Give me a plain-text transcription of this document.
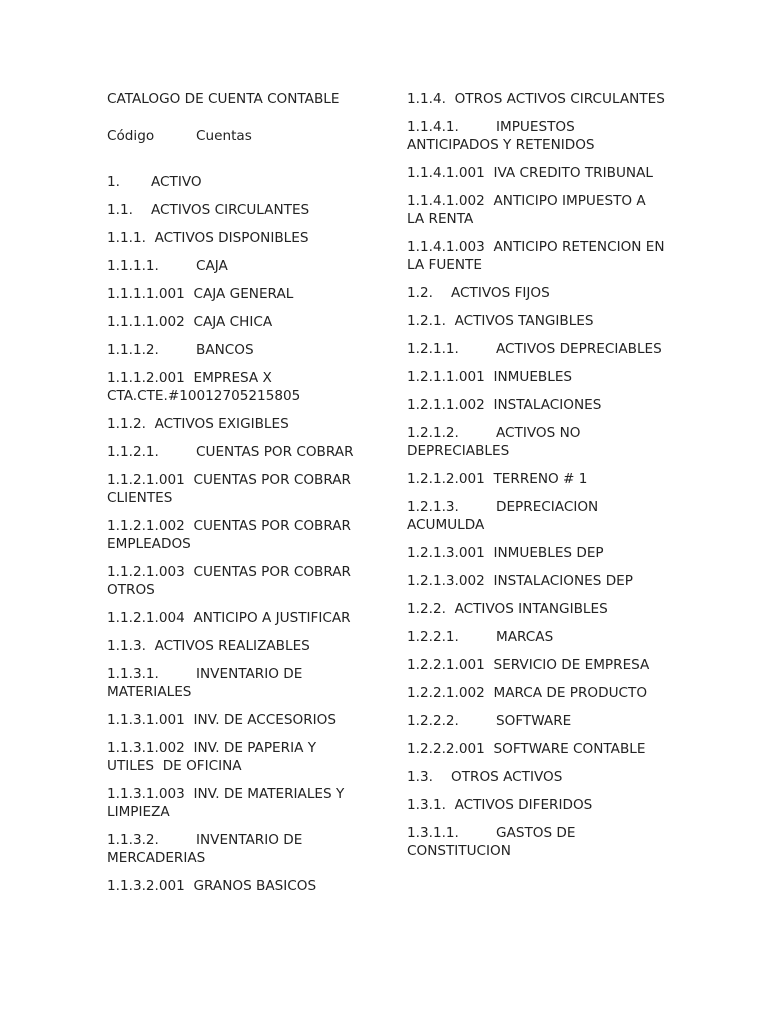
CATALOGO DE CUENTA CONTABLE
Código	Cuentas
1. ACTIVO
1.1. ACTIVOS CIRCULANTES
1.1.1. ACTIVOS DISPONIBLES
1.1.1.1.	CAJA
1.1.1.1.001 CAJA GENERAL
1.1.1.1.002 CAJA CHICA
1.1.1.2.	BANCOS
1.1.1.2.001 EMPRESA X CTA.CTE.#10012705215805
1.1.2. ACTIVOS EXIGIBLES
1.1.2.1.	CUENTAS POR COBRAR
1.1.2.1.001 CUENTAS POR COBRAR CLIENTES
1.1.2.1.002 CUENTAS POR COBRAR EMPLEADOS
1.1.2.1.003 CUENTAS POR COBRAR OTROS
1.1.2.1.004 ANTICIPO A JUSTIFICAR
1.1.3. ACTIVOS REALIZABLES
1.1.3.1.	INVENTARIO DE MATERIALES
1.1.3.1.001 INV. DE ACCESORIOS
1.1.3.1.002 INV. DE PAPERIA Y UTILES  DE OFICINA
1.1.3.1.003 INV. DE MATERIALES Y LIMPIEZA
1.1.3.2.	INVENTARIO DE MERCADERIAS
1.1.3.2.001 GRANOS BASICOS
1.1.4. OTROS ACTIVOS CIRCULANTES
1.1.4.1.	IMPUESTOS ANTICIPADOS Y RETENIDOS
1.1.4.1.001 IVA CREDITO TRIBUNAL
1.1.4.1.002 ANTICIPO IMPUESTO A LA RENTA
1.1.4.1.003 ANTICIPO RETENCION EN LA FUENTE
1.2. ACTIVOS FIJOS
1.2.1. ACTIVOS TANGIBLES
1.2.1.1.	ACTIVOS DEPRECIABLES
1.2.1.1.001 INMUEBLES
1.2.1.1.002 INSTALACIONES
1.2.1.2.	ACTIVOS NO DEPRECIABLES
1.2.1.2.001 TERRENO # 1
1.2.1.3.	DEPRECIACION ACUMULDA
1.2.1.3.001 INMUEBLES DEP
1.2.1.3.002 INSTALACIONES DEP
1.2.2. ACTIVOS INTANGIBLES
1.2.2.1.	MARCAS
1.2.2.1.001 SERVICIO DE EMPRESA
1.2.2.1.002 MARCA DE PRODUCTO
1.2.2.2.	SOFTWARE
1.2.2.2.001 SOFTWARE CONTABLE
1.3. OTROS ACTIVOS
1.3.1. ACTIVOS DIFERIDOS
1.3.1.1.	GASTOS DE CONSTITUCION
